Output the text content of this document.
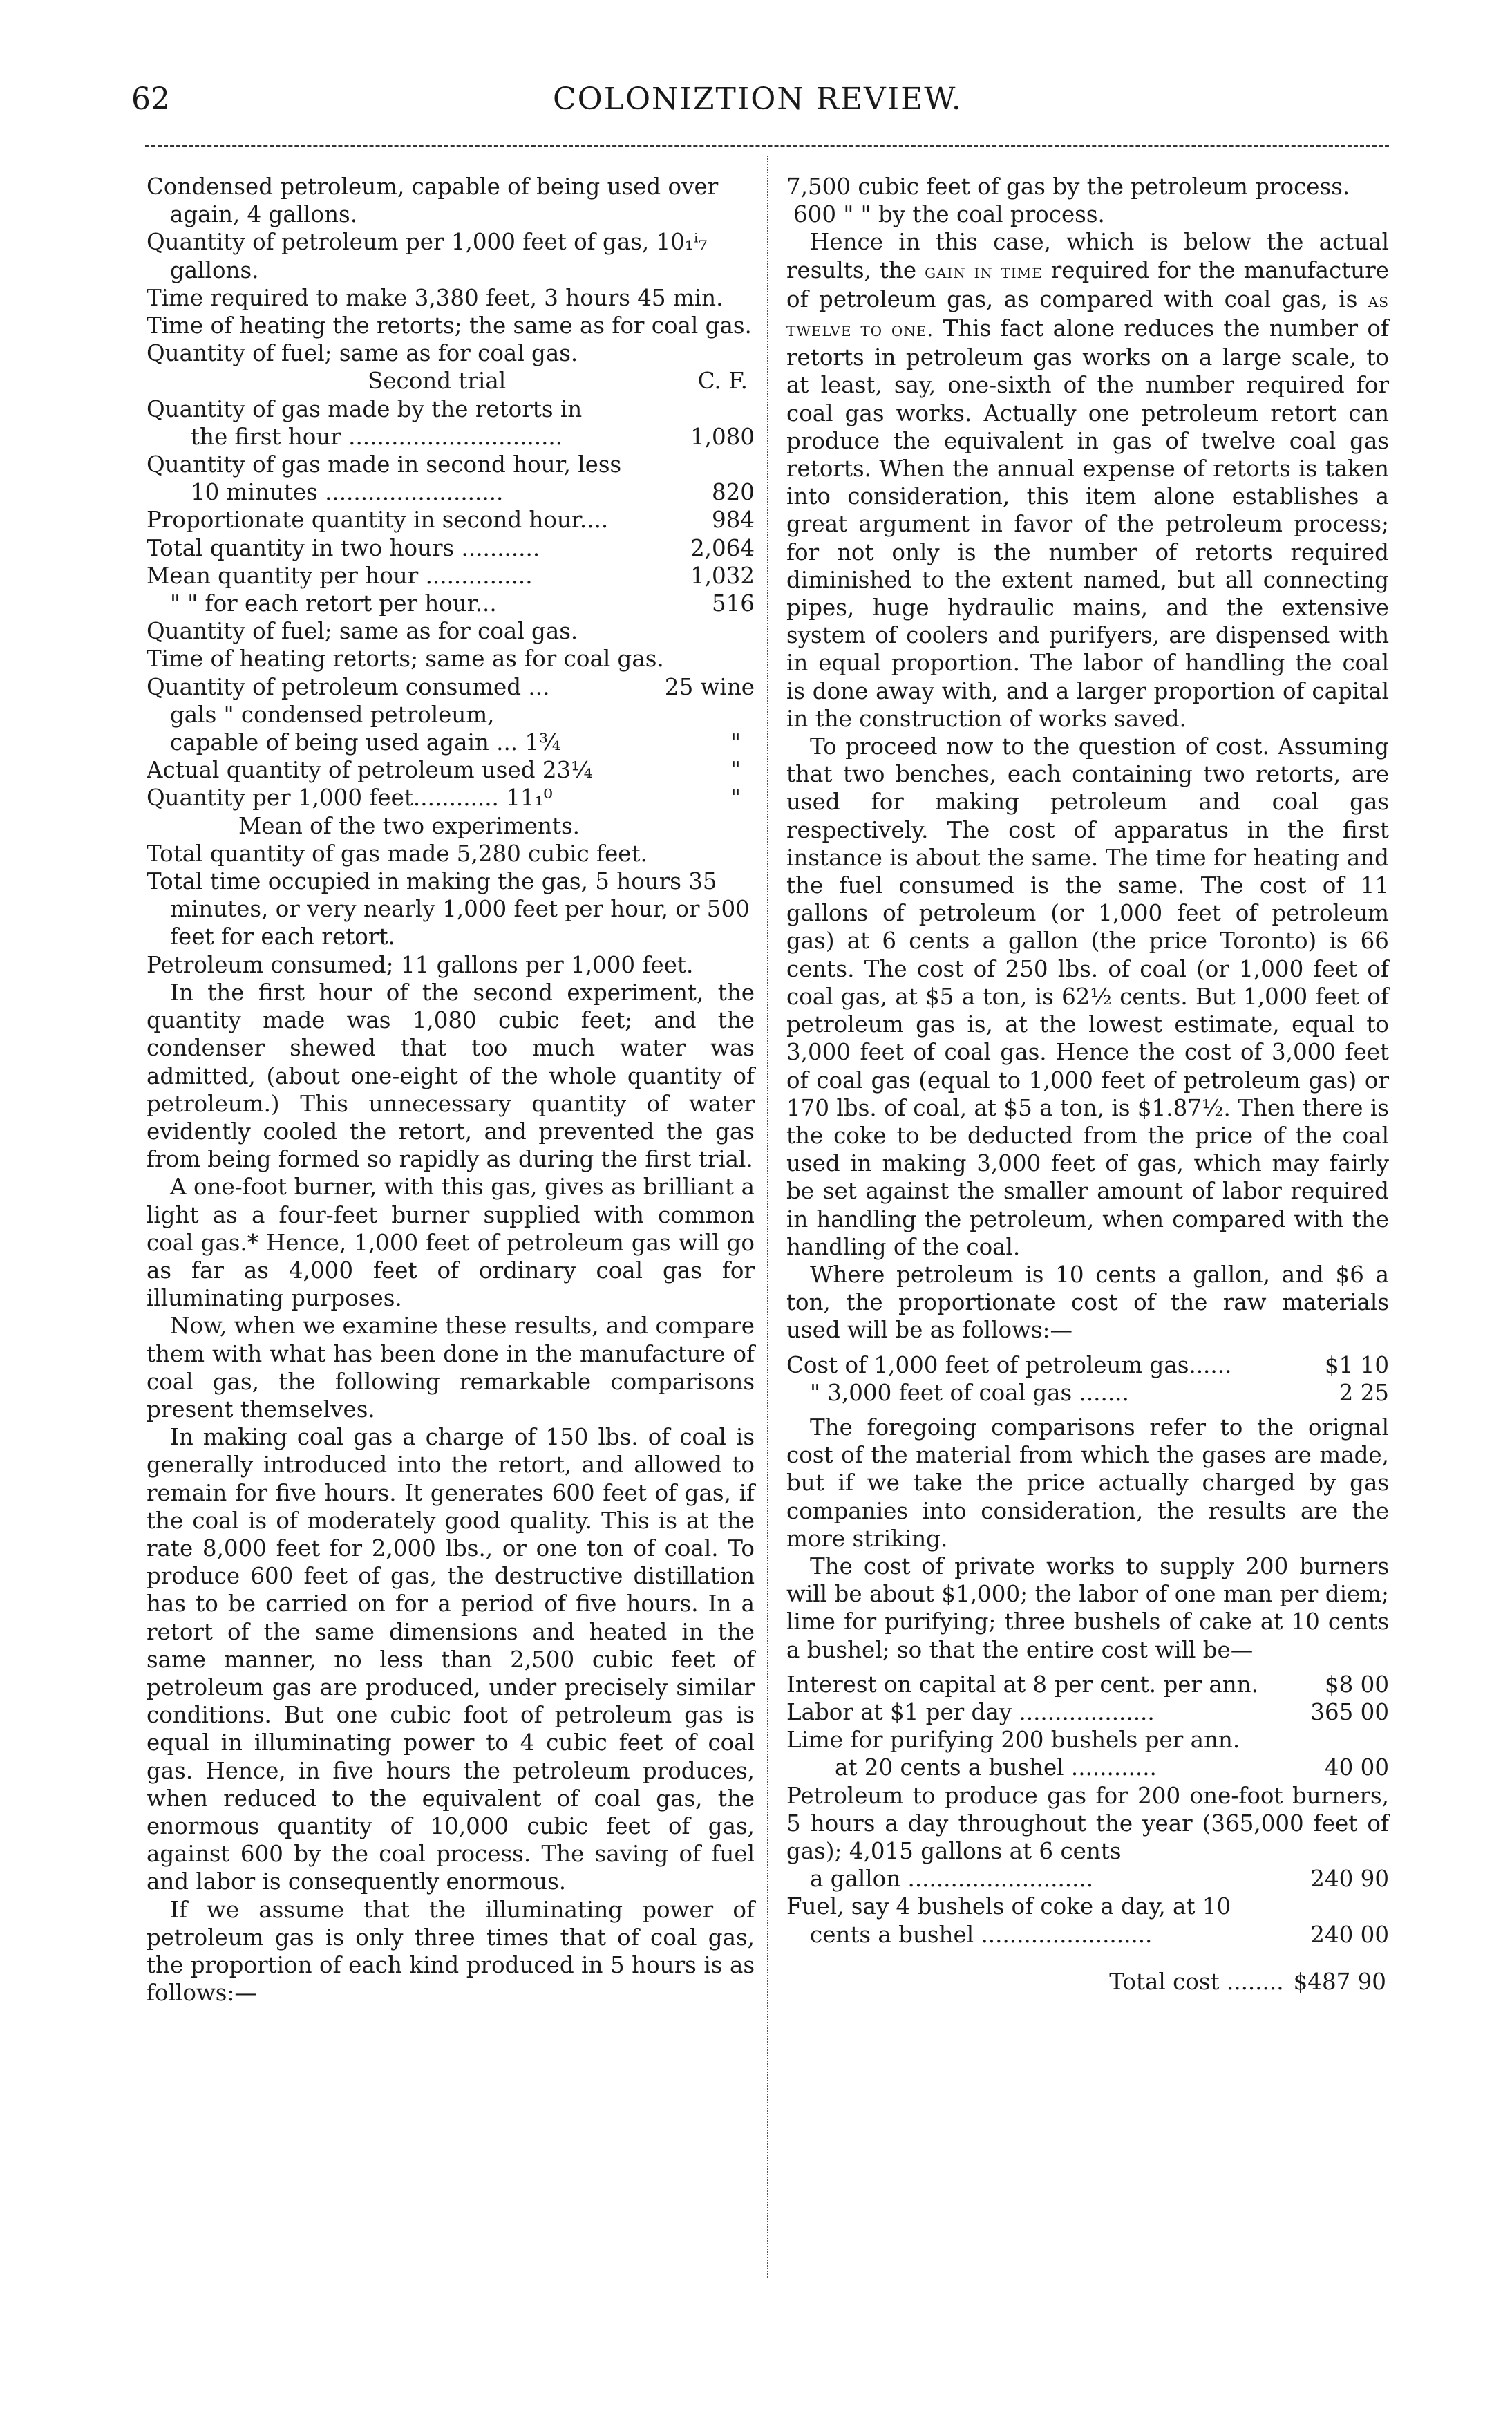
62	COLONIZTION REVIEW.

Condensed petroleum, capable of being used over again, 4 gallons.

Quantity of petroleum per 1,000 feet of gas, 10₁ⁱ₇ gallons.

Time required to make 3,380 feet, 3 hours 45 min.

Time of heating the retorts; the same as for coal gas.

Quantity of fuel; same as for coal gas.

Second trial	C. F.

Quantity of gas made by the retorts in

the first hour ..............................	1,080

Quantity of gas made in second hour, less

10 minutes .........................	820
Proportionate quantity in second hour....	984
Total quantity in two hours ...........	2,064
Mean quantity per hour ...............	1,032
" " for each retort per hour...	516

Quantity of fuel; same as for coal gas.

Time of heating retorts; same as for coal gas.

Quantity of petroleum consumed ...	25 wine
gals " condensed petroleum,
capable of being used again ... 1¾	"
Actual quantity of petroleum used 23¼	"
Quantity per 1,000 feet............ 11₁⁰	"
Mean of the two experiments.

Total quantity of gas made 5,280 cubic feet.

Total time occupied in making the gas, 5 hours 35 minutes, or very nearly 1,000 feet per hour, or 500 feet for each retort.

Petroleum consumed; 11 gallons per 1,000 feet.

In the first hour of the second experiment, the quantity made was 1,080 cubic feet; and the condenser shewed that too much water was admitted, (about one-eight of the whole quantity of petroleum.) This unnecessary quantity of water evidently cooled the retort, and prevented the gas from being formed so rapidly as during the first trial.

A one-foot burner, with this gas, gives as brilliant a light as a four-feet burner supplied with common coal gas.* Hence, 1,000 feet of petroleum gas will go as far as 4,000 feet of ordinary coal gas for illuminating purposes.

Now, when we examine these results, and compare them with what has been done in the manufacture of coal gas, the following remarkable comparisons present themselves.

In making coal gas a charge of 150 lbs. of coal is generally introduced into the retort, and allowed to remain for five hours. It generates 600 feet of gas, if the coal is of moderately good quality. This is at the rate 8,000 feet for 2,000 lbs., or one ton of coal. To produce 600 feet of gas, the destructive distillation has to be carried on for a period of five hours. In a retort of the same dimensions and heated in the same manner, no less than 2,500 cubic feet of petroleum gas are produced, under precisely similar conditions. But one cubic foot of petroleum gas is equal in illuminating power to 4 cubic feet of coal gas. Hence, in five hours the petroleum produces, when reduced to the equivalent of coal gas, the enormous quantity of 10,000 cubic feet of gas, against 600 by the coal process. The saving of fuel and labor is consequently enormous.

If we assume that the illuminating power of petroleum gas is only three times that of coal gas, the proportion of each kind produced in 5 hours is as follows:—

7,500 cubic feet of gas by the petroleum process.

600 " " by the coal process.

Hence in this case, which is below the actual results, the gain in time required for the manufacture of petroleum gas, as compared with coal gas, is as twelve to one. This fact alone reduces the number of retorts in petroleum gas works on a large scale, to at least, say, one-sixth of the number required for coal gas works. Actually one petroleum retort can produce the equivalent in gas of twelve coal gas retorts. When the annual expense of retorts is taken into consideration, this item alone establishes a great argument in favor of the petroleum process; for not only is the number of retorts required diminished to the extent named, but all connecting pipes, huge hydraulic mains, and the extensive system of coolers and purifyers, are dispensed with in equal proportion. The labor of handling the coal is done away with, and a larger proportion of capital in the construction of works saved.

To proceed now to the question of cost. Assuming that two benches, each containing two retorts, are used for making petroleum and coal gas respectively. The cost of apparatus in the first instance is about the same. The time for heating and the fuel consumed is the same. The cost of 11 gallons of petroleum (or 1,000 feet of petroleum gas) at 6 cents a gallon (the price Toronto) is 66 cents. The cost of 250 lbs. of coal (or 1,000 feet of coal gas, at $5 a ton, is 62½ cents. But 1,000 feet of petroleum gas is, at the lowest estimate, equal to 3,000 feet of coal gas. Hence the cost of 3,000 feet of coal gas (equal to 1,000 feet of petroleum gas) or 170 lbs. of coal, at $5 a ton, is $1.87½. Then there is the coke to be deducted from the price of the coal used in making 3,000 feet of gas, which may fairly be set against the smaller amount of labor required in handling the petroleum, when compared with the handling of the coal.

Where petroleum is 10 cents a gallon, and $6 a ton, the proportionate cost of the raw materials used will be as follows:—

Cost of 1,000 feet of petroleum gas......	$1 10
" 3,000 feet of coal gas .......	2 25

The foregoing comparisons refer to the orignal cost of the material from which the gases are made, but if we take the price actually charged by gas companies into consideration, the results are the more striking.

The cost of private works to supply 200 burners will be about $1,000; the labor of one man per diem; lime for purifying; three bushels of cake at 10 cents a bushel; so that the entire cost will be—

Interest on capital at 8 per cent. per ann.	$8 00
Labor at $1 per day ...................	365 00

Lime for purifying 200 bushels per ann.

at 20 cents a bushel ............	40 00

Petroleum to produce gas for 200 one-foot burners, 5 hours a day throughout the year (365,000 feet of gas); 4,015 gallons at 6 cents

a gallon ..........................	240 90

Fuel, say 4 bushels of coke a day, at 10

cents a bushel ........................	240 00
Total cost ........ $487 90
